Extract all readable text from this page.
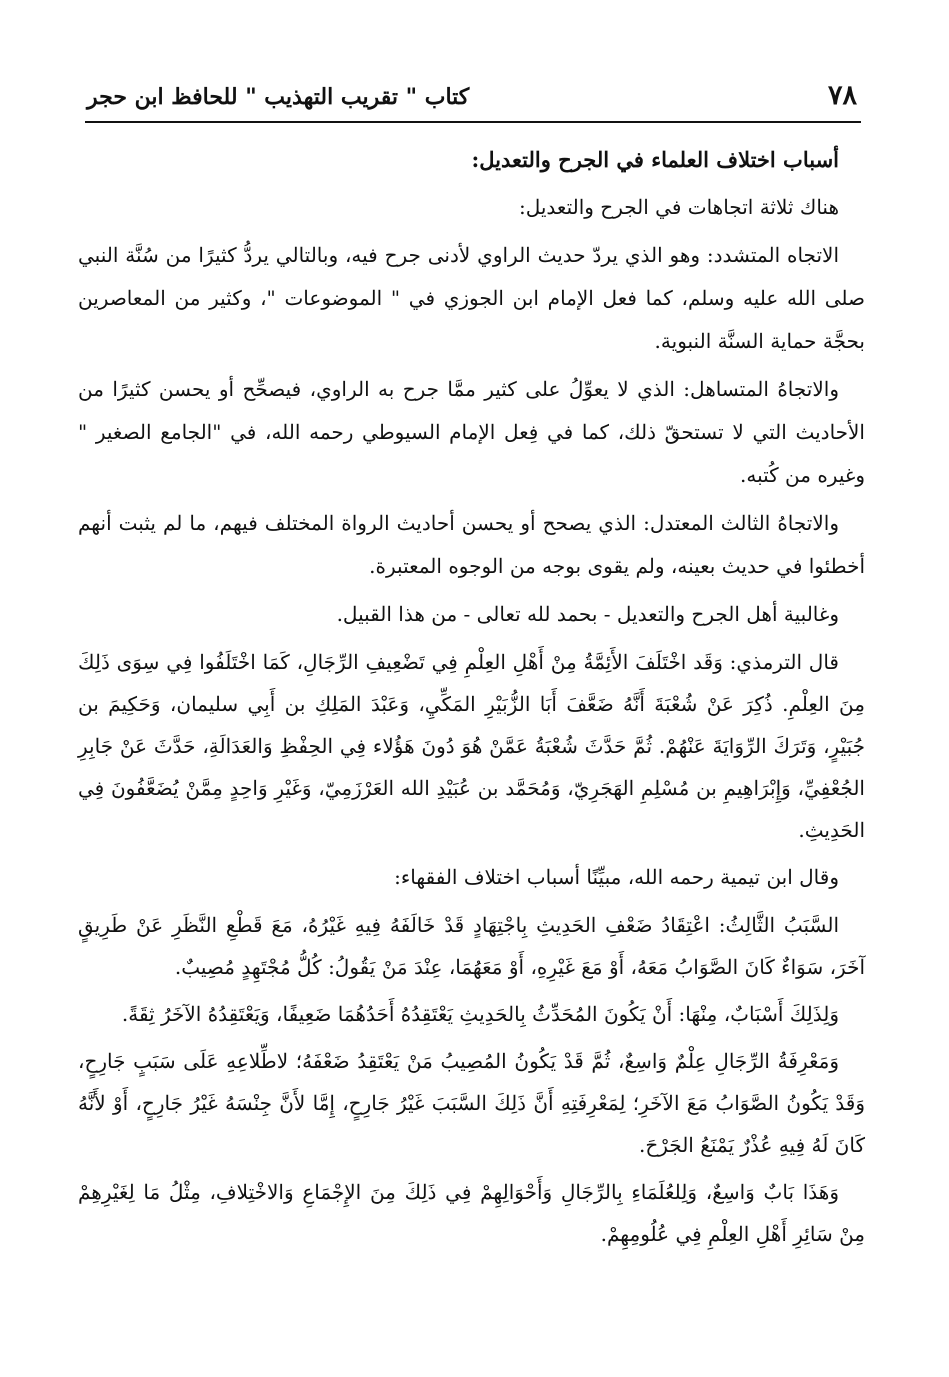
٧٨
كتاب " تقريب التهذيب " للحافظ ابن حجر

أسباب اختلاف العلماء في الجرح والتعديل:

هناك ثلاثة اتجاهات في الجرح والتعديل:

الاتجاه المتشدد: وهو الذي يردّ حديث الراوي لأدنى جرح فيه، وبالتالي يردُّ كثيرًا من سُنَّة النبي صلى الله عليه وسلم، كما فعل الإمام ابن الجوزي في " الموضوعات "، وكثير من المعاصرين بحجَّة حماية السنَّة النبوية.

والاتجاهُ المتساهل: الذي لا يعوِّلُ على كثير ممَّا جرح به الراوي، فيصحِّح أو يحسن كثيرًا من الأحاديث التي لا تستحقّ ذلك، كما في فِعل الإمام السيوطي رحمه الله، في "الجامع الصغير " وغيره من كُتبه.

والاتجاهُ الثالث المعتدل: الذي يصحح أو يحسن أحاديث الرواة المختلف فيهم، ما لم يثبت أنهم أخطئوا في حديث بعينه، ولم يقوى بوجه من الوجوه المعتبرة.

وغالبية أهل الجرح والتعديل - بحمد لله تعالى - من هذا القبيل.

قال الترمذي: وَقَد اخْتَلَفَ الأَئِمَّةُ مِنْ أَهْلِ العِلْمِ فِي تَضْعِيفِ الرِّجَالِ، كَمَا اخْتَلَفُوا فِي سِوَى ذَلِكَ مِنَ العِلْمِ. ذُكِرَ عَنْ شُعْبَةَ أَنَّهُ ضَعَّفَ أَبَا الزُّبَيْرِ المَكِّيِ، وَعَبْدَ المَلِكِ بن أَبِي سليمان، وَحَكِيمَ بن جُبَيْرٍ، وَتَرَكَ الرِّوَايَةَ عَنْهُمْ. ثُمَّ حَدَّثَ شُعْبَةُ عَمَّنْ هُوَ دُونَ هَؤُلاء فِي الحِفْظِ وَالعَدَالَةِ، حَدَّثَ عَنْ جَابِرِ الجُعْفِيِّ، وَإِبْرَاهِيمِ بن مُسْلِمِ الهَجَرِيّ، وَمُحَمَّد بن عُبَيْدِ الله العَرْزَمِيّ، وَغَيْرِ وَاحِدٍ مِمَّنْ يُضَعَّفُونَ فِي الحَدِيثِ.

وقال ابن تيمية رحمه الله، مبيِّنًا أسباب اختلاف الفقهاء:

السَّبَبُ الثَّالِثُ: اعْتِقَادُ ضَعْفِ الحَدِيثِ بِاجْتِهَادٍ قَدْ خَالَفَهُ فِيهِ غَيْرُهُ، مَعَ قَطْعِ النَّظَرِ عَنْ طَرِيقٍ آخَرَ، سَوَاءٌ كَانَ الصَّوَابُ مَعَهُ، أَوْ مَعَ غَيْرِهِ، أَوْ مَعَهُمَا، عِنْدَ مَنْ يَقُولُ: كُلُّ مُجْتَهِدٍ مُصِيبٌ.

وَلِذَلِكَ أَسْبَابٌ، مِنْهَا: أَنْ يَكُونَ المُحَدِّثُ بِالحَدِيثِ يَعْتَقِدُهُ أَحَدُهُمَا ضَعِيفًا، وَيَعْتَقِدُهُ الآخَرُ ثِقَةً.

وَمَعْرِفَةُ الرِّجَالِ عِلْمٌ وَاسِعٌ، ثُمَّ قَدْ يَكُونُ المُصِيبُ مَنْ يَعْتَقِدُ ضَعْفَهُ؛ لاطِّلاعِهِ عَلَى سَبَبٍ جَارِحٍ، وَقَدْ يَكُونُ الصَّوَابُ مَعَ الآخَرِ؛ لِمَعْرِفَتِهِ أَنَّ ذَلِكَ السَّبَبَ غَيْرُ جَارِحٍ، إِمَّا لأَنَّ جِنْسَهُ غَيْرُ جَارِحٍ، أَوْ لأَنَّهُ كَانَ لَهُ فِيهِ عُذْرٌ يَمْنَعُ الجَرْحَ.

وَهَذَا بَابٌ وَاسِعٌ، وَلِلعُلَمَاءِ بِالرِّجَالِ وَأَحْوَالِهِمْ فِي ذَلِكَ مِنَ الإِجْمَاعِ وَالاخْتِلافِ، مِثْلُ مَا لِغَيْرِهِمْ مِنْ سَائِرِ أَهْلِ العِلْمِ فِي عُلُومِهِمْ.
